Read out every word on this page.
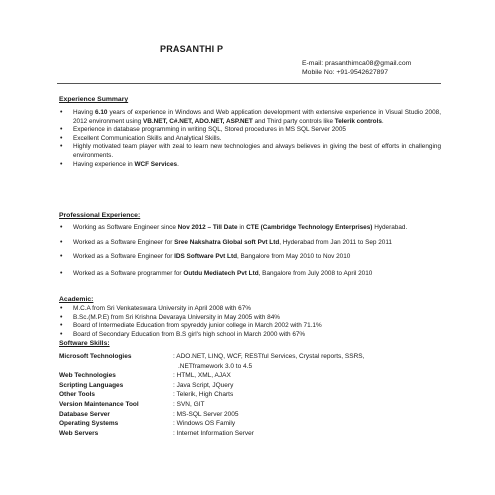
PRASANTHI P
E-mail: prasanthimca08@gmail.com
Mobile No: +91-9542627897
Experience Summary
• Having 6.10 years of experience in Windows and Web application development with extensive experience in Visual Studio 2008, 2012 environment using VB.NET, C#.NET, ADO.NET, ASP.NET and Third party controls like Telerik controls.
• Experience in database programming in writing SQL, Stored procedures in MS SQL Server 2005
• Excellent Communication Skills and Analytical Skills.
• Highly motivated team player with zeal to learn new technologies and always believes in giving the best of efforts in challenging environments.
• Having experience in WCF Services.
Professional Experience:
• Working as Software Engineer since Nov 2012 – Till Date in CTE (Cambridge Technology Enterprises) Hyderabad.
• Worked as a Software Engineer for Sree Nakshatra Global soft Pvt Ltd, Hyderabad from Jan 2011 to Sep 2011
• Worked as a Software Engineer for IDS Software Pvt Ltd, Bangalore from May 2010 to Nov 2010
• Worked as a Software programmer for Outdu Mediatech Pvt Ltd, Bangalore from July 2008 to April 2010
Academic:
• M.C.A from Sri Venkateswara University in April 2008 with 67%
• B.Sc.(M.P.E) from Sri Krishna Devaraya University in May 2005 with 84%
• Board of Intermediate Education from spyreddy junior college in March 2002 with 71.1%
• Board of Secondary Education from B.S girl's high school in March 2000 with 67%
Software Skills:
Microsoft Technologies	: ADO.NET, LINQ, WCF, RESTful Services, Crystal reports, SSRS,
.NETframework 3.0 to 4.5
Web Technologies	: HTML, XML, AJAX
Scripting Languages	: Java Script, JQuery
Other Tools	: Telerik, High Charts
Version Maintenance Tool	: SVN, GIT
Database Server	: MS-SQL Server 2005
Operating Systems	: Windows OS Family
Web Servers	: Internet Information Server
